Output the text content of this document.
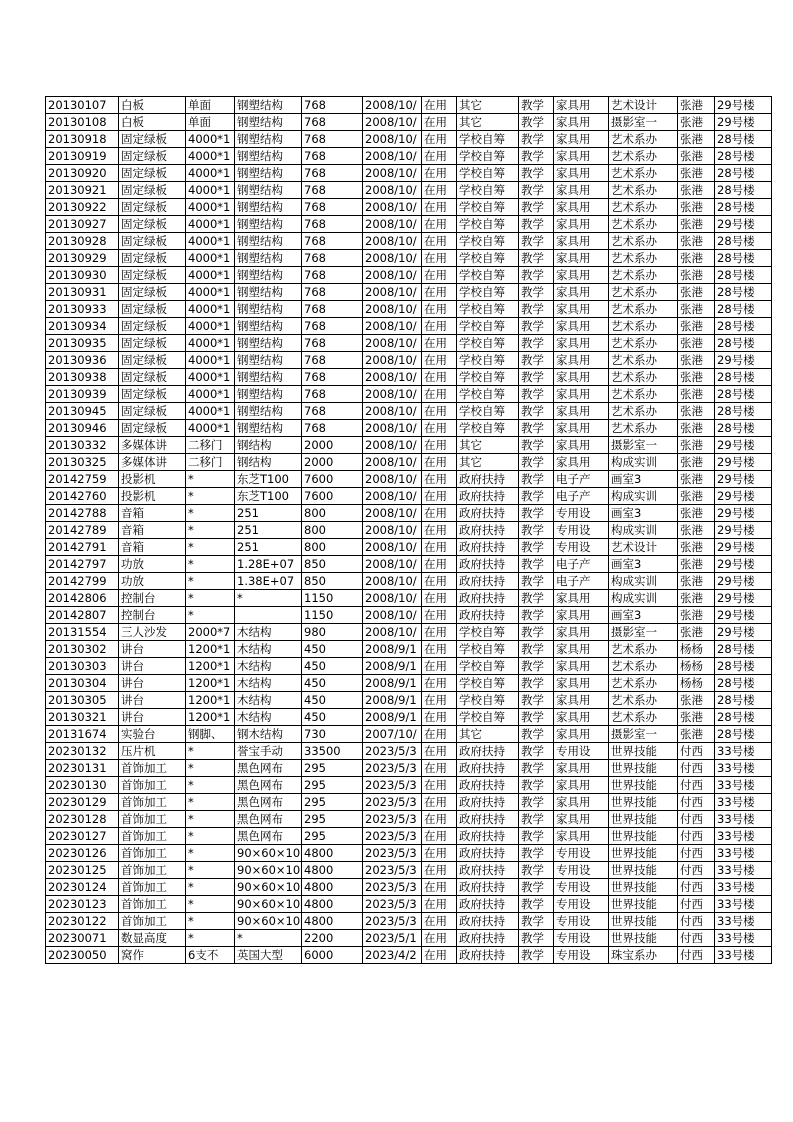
20130107	白板	单面	钢塑结构	768	2008/10/	在用	其它	教学	家具用	艺术设计	张港	29号楼
20130108	白板	单面	钢塑结构	768	2008/10/	在用	其它	教学	家具用	摄影室一	张港	29号楼
20130918	固定绿板	4000*1	钢塑结构	768	2008/10/	在用	学校自筹	教学	家具用	艺术系办	张港	28号楼
20130919	固定绿板	4000*1	钢塑结构	768	2008/10/	在用	学校自筹	教学	家具用	艺术系办	张港	28号楼
20130920	固定绿板	4000*1	钢塑结构	768	2008/10/	在用	学校自筹	教学	家具用	艺术系办	张港	28号楼
20130921	固定绿板	4000*1	钢塑结构	768	2008/10/	在用	学校自筹	教学	家具用	艺术系办	张港	28号楼
20130922	固定绿板	4000*1	钢塑结构	768	2008/10/	在用	学校自筹	教学	家具用	艺术系办	张港	28号楼
20130927	固定绿板	4000*1	钢塑结构	768	2008/10/	在用	学校自筹	教学	家具用	艺术系办	张港	29号楼
20130928	固定绿板	4000*1	钢塑结构	768	2008/10/	在用	学校自筹	教学	家具用	艺术系办	张港	28号楼
20130929	固定绿板	4000*1	钢塑结构	768	2008/10/	在用	学校自筹	教学	家具用	艺术系办	张港	28号楼
20130930	固定绿板	4000*1	钢塑结构	768	2008/10/	在用	学校自筹	教学	家具用	艺术系办	张港	28号楼
20130931	固定绿板	4000*1	钢塑结构	768	2008/10/	在用	学校自筹	教学	家具用	艺术系办	张港	28号楼
20130933	固定绿板	4000*1	钢塑结构	768	2008/10/	在用	学校自筹	教学	家具用	艺术系办	张港	28号楼
20130934	固定绿板	4000*1	钢塑结构	768	2008/10/	在用	学校自筹	教学	家具用	艺术系办	张港	28号楼
20130935	固定绿板	4000*1	钢塑结构	768	2008/10/	在用	学校自筹	教学	家具用	艺术系办	张港	28号楼
20130936	固定绿板	4000*1	钢塑结构	768	2008/10/	在用	学校自筹	教学	家具用	艺术系办	张港	29号楼
20130938	固定绿板	4000*1	钢塑结构	768	2008/10/	在用	学校自筹	教学	家具用	艺术系办	张港	28号楼
20130939	固定绿板	4000*1	钢塑结构	768	2008/10/	在用	学校自筹	教学	家具用	艺术系办	张港	28号楼
20130945	固定绿板	4000*1	钢塑结构	768	2008/10/	在用	学校自筹	教学	家具用	艺术系办	张港	28号楼
20130946	固定绿板	4000*1	钢塑结构	768	2008/10/	在用	学校自筹	教学	家具用	艺术系办	张港	28号楼
20130332	多媒体讲	二移门	钢结构	2000	2008/10/	在用	其它	教学	家具用	摄影室一	张港	29号楼
20130325	多媒体讲	二移门	钢结构	2000	2008/10/	在用	其它	教学	家具用	构成实训	张港	29号楼
20142759	投影机	*	东芝T100	7600	2008/10/	在用	政府扶持	教学	电子产	画室3	张港	29号楼
20142760	投影机	*	东芝T100	7600	2008/10/	在用	政府扶持	教学	电子产	构成实训	张港	29号楼
20142788	音箱	*	251	800	2008/10/	在用	政府扶持	教学	专用设	画室3	张港	29号楼
20142789	音箱	*	251	800	2008/10/	在用	政府扶持	教学	专用设	构成实训	张港	29号楼
20142791	音箱	*	251	800	2008/10/	在用	政府扶持	教学	专用设	艺术设计	张港	29号楼
20142797	功放	*	1.28E+07	850	2008/10/	在用	政府扶持	教学	电子产	画室3	张港	29号楼
20142799	功放	*	1.38E+07	850	2008/10/	在用	政府扶持	教学	电子产	构成实训	张港	29号楼
20142806	控制台	*	*	1150	2008/10/	在用	政府扶持	教学	家具用	构成实训	张港	29号楼
20142807	控制台	*		1150	2008/10/	在用	政府扶持	教学	家具用	画室3	张港	29号楼
20131554	三人沙发	2000*7	木结构	980	2008/10/	在用	学校自筹	教学	家具用	摄影室一	张港	29号楼
20130302	讲台	1200*1	木结构	450	2008/9/1	在用	学校自筹	教学	家具用	艺术系办	杨杨	28号楼
20130303	讲台	1200*1	木结构	450	2008/9/1	在用	学校自筹	教学	家具用	艺术系办	杨杨	28号楼
20130304	讲台	1200*1	木结构	450	2008/9/1	在用	学校自筹	教学	家具用	艺术系办	杨杨	28号楼
20130305	讲台	1200*1	木结构	450	2008/9/1	在用	学校自筹	教学	家具用	艺术系办	张港	28号楼
20130321	讲台	1200*1	木结构	450	2008/9/1	在用	学校自筹	教学	家具用	艺术系办	张港	28号楼
20131674	实验台	钢脚、	钢木结构	730	2007/10/	在用	其它	教学	家具用	摄影室一	张港	28号楼
20230132	压片机	*	誉宝手动	33500	2023/5/3	在用	政府扶持	教学	专用设	世界技能	付西	33号楼
20230131	首饰加工	*	黑色网布	295	2023/5/3	在用	政府扶持	教学	家具用	世界技能	付西	33号楼
20230130	首饰加工	*	黑色网布	295	2023/5/3	在用	政府扶持	教学	家具用	世界技能	付西	33号楼
20230129	首饰加工	*	黑色网布	295	2023/5/3	在用	政府扶持	教学	家具用	世界技能	付西	33号楼
20230128	首饰加工	*	黑色网布	295	2023/5/3	在用	政府扶持	教学	家具用	世界技能	付西	33号楼
20230127	首饰加工	*	黑色网布	295	2023/5/3	在用	政府扶持	教学	家具用	世界技能	付西	33号楼
20230126	首饰加工	*	90×60×10	4800	2023/5/3	在用	政府扶持	教学	专用设	世界技能	付西	33号楼
20230125	首饰加工	*	90×60×10	4800	2023/5/3	在用	政府扶持	教学	专用设	世界技能	付西	33号楼
20230124	首饰加工	*	90×60×10	4800	2023/5/3	在用	政府扶持	教学	专用设	世界技能	付西	33号楼
20230123	首饰加工	*	90×60×10	4800	2023/5/3	在用	政府扶持	教学	专用设	世界技能	付西	33号楼
20230122	首饰加工	*	90×60×10	4800	2023/5/3	在用	政府扶持	教学	专用设	世界技能	付西	33号楼
20230071	数显高度	*	*	2200	2023/5/1	在用	政府扶持	教学	专用设	世界技能	付西	33号楼
20230050	窝作	6支不	英国大型	6000	2023/4/2	在用	政府扶持	教学	专用设	珠宝系办	付西	33号楼
